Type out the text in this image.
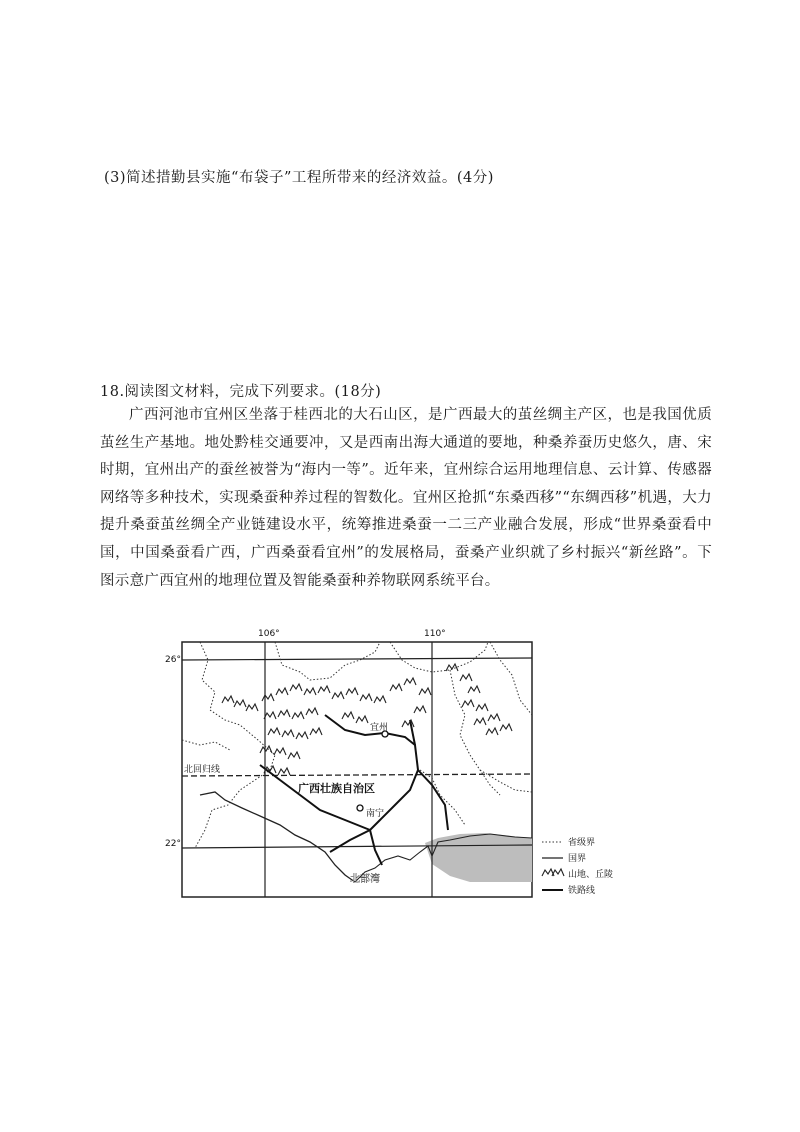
(3)简述措勤县实施“布袋子”工程所带来的经济效益。(4分)
18.阅读图文材料，完成下列要求。(18分)

广西河池市宜州区坐落于桂西北的大石山区，是广西最大的茧丝绸主产区，也是我国优质茧丝生产基地。地处黔桂交通要冲，又是西南出海大通道的要地，种桑养蚕历史悠久，唐、宋时期，宜州出产的蚕丝被誉为“海内一等”。近年来，宜州综合运用地理信息、云计算、传感器网络等多种技术，实现桑蚕种养过程的智数化。宜州区抢抓“东桑西移”“东绸西移”机遇，大力提升桑蚕茧丝绸全产业链建设水平，统筹推进桑蚕一二三产业融合发展，形成“世界桑蚕看中国，中国桑蚕看广西，广西桑蚕看宜州”的发展格局，蚕桑产业织就了乡村振兴“新丝路”。下图示意广西宜州的地理位置及智能桑蚕种养物联网系统平台。

106°	110°
26°
22°
北回归线
广西壮族自治区
宜州
南宁
北部湾
省级界
国界
山地、丘陵
铁路线
